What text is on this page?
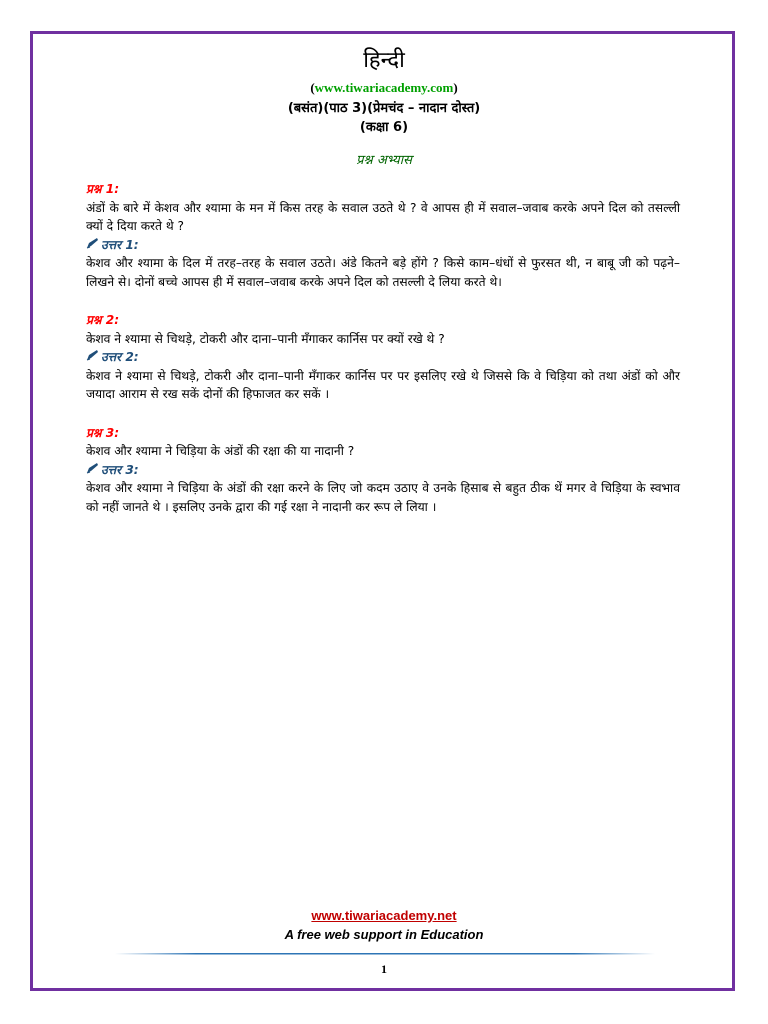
हिन्दी
(www.tiwariacademy.com)
(बसंत)(पाठ 3)(प्रेमचंद – नादान दोस्त)
(कक्षा 6)
प्रश्न अभ्यास
प्रश्न 1:
अंडों के बारे में केशव और श्यामा के मन में किस तरह के सवाल उठते थे ? वे आपस ही में सवाल–जवाब करके अपने दिल को तसल्ली क्यों दे दिया करते थे ?
उत्तर 1:
केशव और श्यामा के दिल में तरह–तरह के सवाल उठते। अंडे कितने बड़े होंगे ? किसे काम–धंधों से फुरसत थी, न बाबू जी को पढ़ने–लिखने से। दोनों बच्चे आपस ही में सवाल–जवाब करके अपने दिल को तसल्ली दे लिया करते थे।
प्रश्न 2:
केशव ने श्यामा से चिथड़े, टोकरी और दाना–पानी मँगाकर कार्निस पर क्यों रखे थे ?
उत्तर 2:
केशव ने श्यामा से चिथड़े, टोकरी और दाना–पानी मँगाकर कार्निस पर पर इसलिए रखे थे जिससे कि वे चिड़िया को तथा अंडों को और जयादा आराम से रख सकें दोनों की हिफाजत कर सकें ।
प्रश्न 3:
केशव और श्यामा ने चिड़िया के अंडों की रक्षा की या नादानी ?
उत्तर 3:
केशव और श्यामा ने चिड़िया के अंडों की रक्षा करने के लिए जो कदम उठाए वे उनके हिसाब से बहुत ठीक थें मगर वे चिड़िया के स्वभाव को नहीं जानते थे । इसलिए उनके द्वारा की गई रक्षा ने नादानी कर रूप ले लिया ।
www.tiwariacademy.net
A free web support in Education
1
